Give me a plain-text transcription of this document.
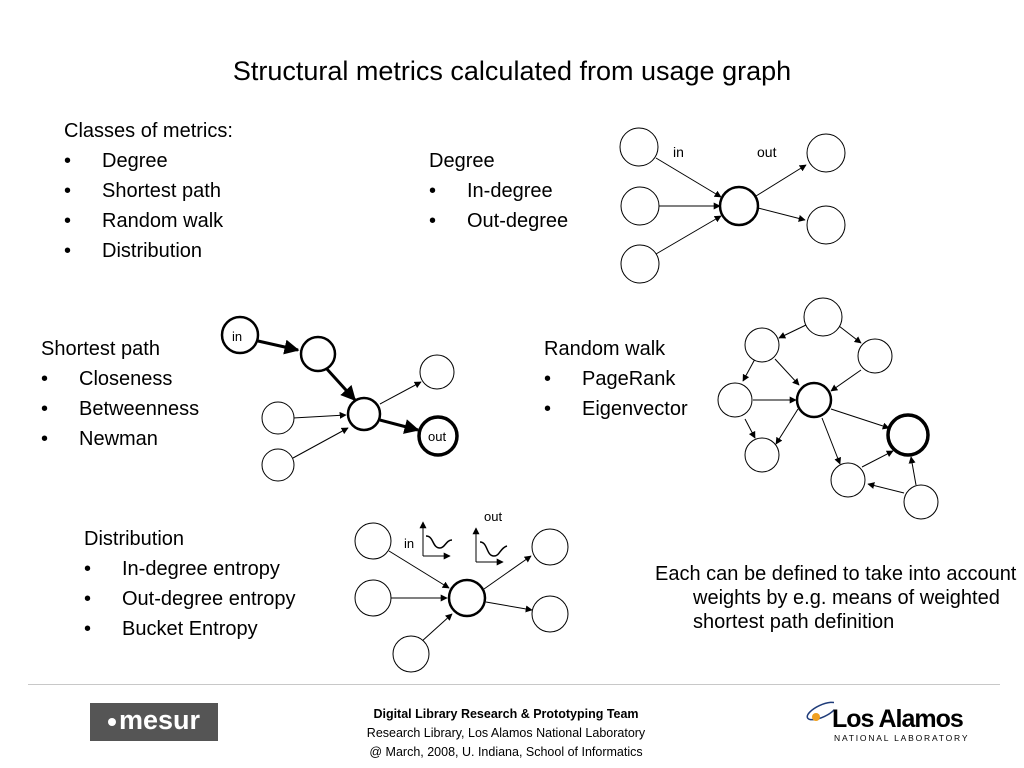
Structural metrics calculated from usage graph
Classes of metrics:
• Degree
• Shortest path
• Random walk
• Distribution
Degree
• In-degree
• Out-degree
Shortest path
• Closeness
• Betweenness
• Newman
Random walk
• PageRank
• Eigenvector
Distribution
• In-degree entropy
• Out-degree entropy
• Bucket Entropy
Each can be defined to take into account weights by e.g. means of weighted shortest path definition
in	out
in
out
in
out
mesur	Digital Library Research & Prototyping Team
Research Library, Los Alamos National Laboratory
@ March, 2008, U. Indiana, School of Informatics
Los Alamos
NATIONAL LABORATORY
